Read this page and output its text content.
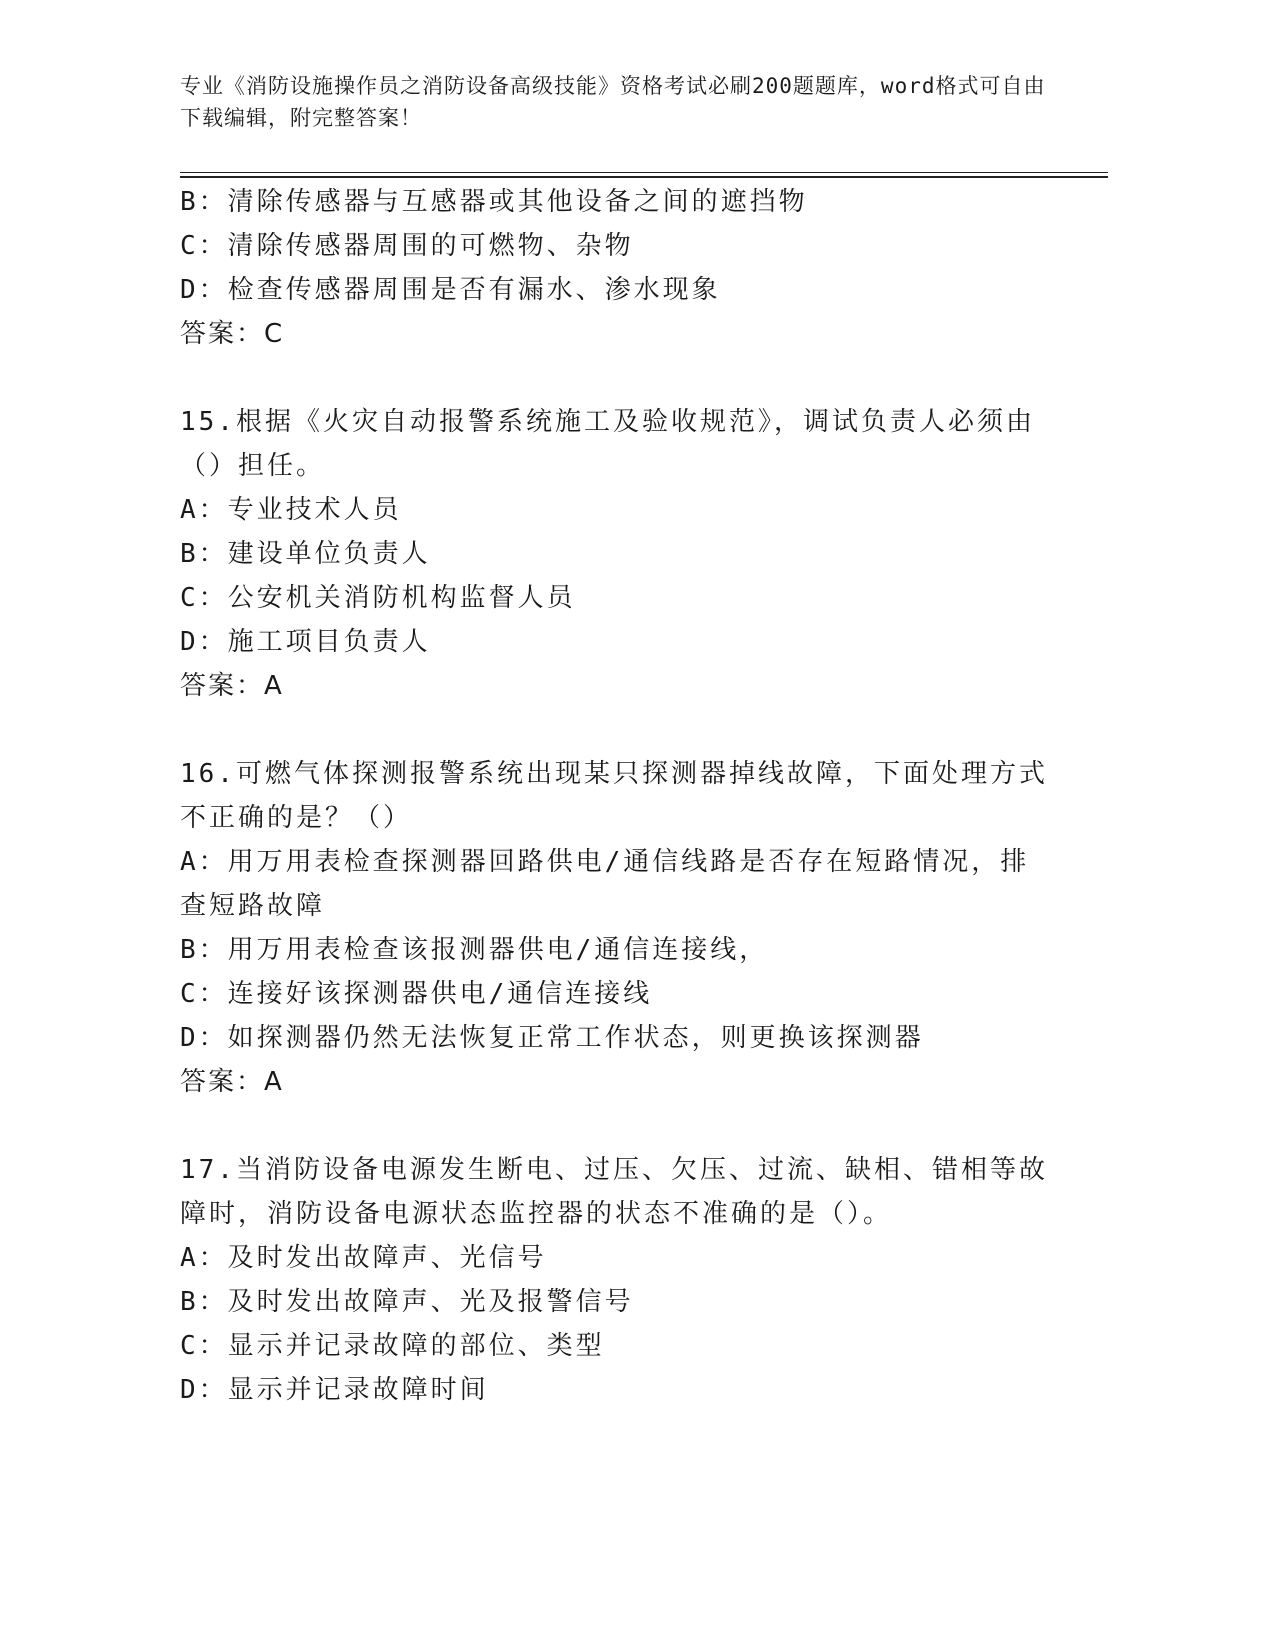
专业《消防设施操作员之消防设备高级技能》资格考试必刷200题题库，word格式可自由下载编辑，附完整答案！

B：清除传感器与互感器或其他设备之间的遮挡物

C：清除传感器周围的可燃物、杂物

D：检查传感器周围是否有漏水、渗水现象

答案：C

15.根据《火灾自动报警系统施工及验收规范》，调试负责人必须由（）担任。

A：专业技术人员

B：建设单位负责人

C：公安机关消防机构监督人员

D：施工项目负责人

答案：A

16.可燃气体探测报警系统出现某只探测器掉线故障，下面处理方式不正确的是？（）

A：用万用表检查探测器回路供电/通信线路是否存在短路情况，排查短路故障

B：用万用表检查该报测器供电/通信连接线，

C：连接好该探测器供电/通信连接线

D：如探测器仍然无法恢复正常工作状态，则更换该探测器

答案：A

17.当消防设备电源发生断电、过压、欠压、过流、缺相、错相等故障时，消防设备电源状态监控器的状态不准确的是（）。

A：及时发出故障声、光信号

B：及时发出故障声、光及报警信号

C：显示并记录故障的部位、类型

D：显示并记录故障时间
